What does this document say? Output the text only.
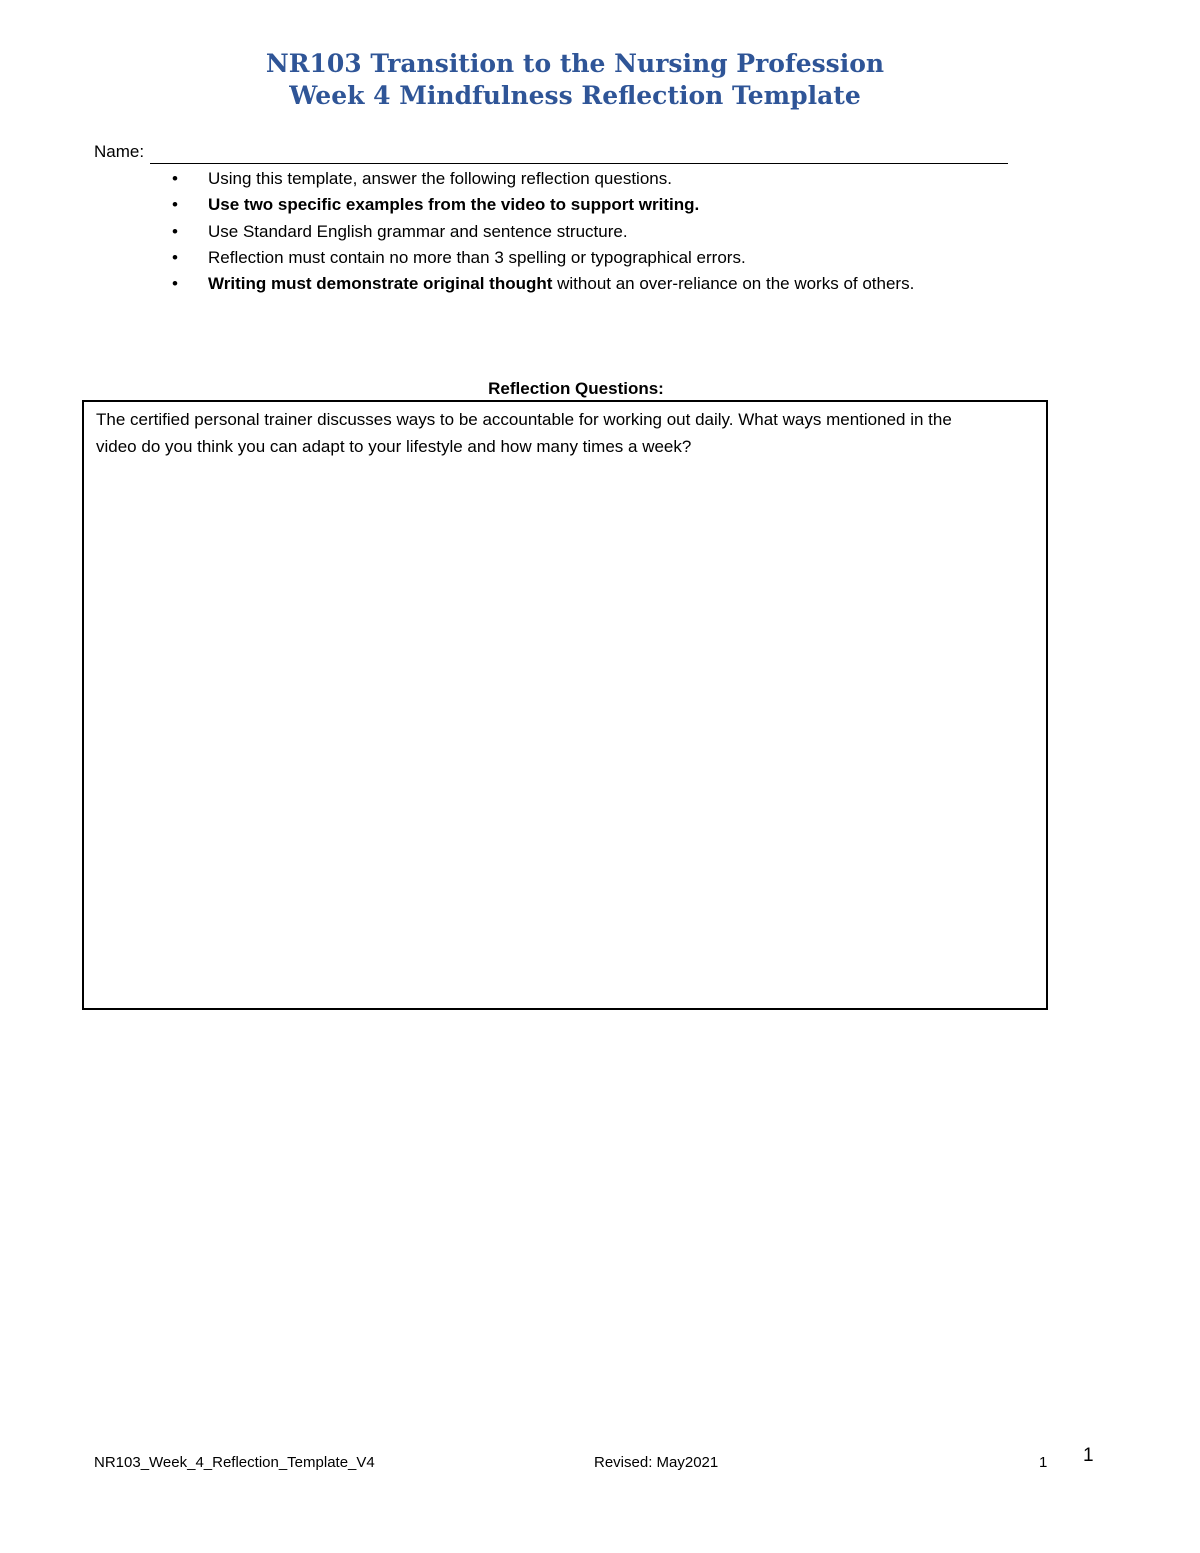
NR103 Transition to the Nursing Profession
Week 4 Mindfulness Reflection Template
Name:
• Using this template, answer the following reflection questions.
• Use two specific examples from the video to support writing.
• Use Standard English grammar and sentence structure.
• Reflection must contain no more than 3 spelling or typographical errors.
• Writing must demonstrate original thought without an over-reliance on the works of others.
Reflection Questions:

The certified personal trainer discusses ways to be accountable for working out daily. What ways mentioned in the video do you think you can adapt to your lifestyle and how many times a week?

NR103_Week_4_Reflection_Template_V4	Revised: May2021	1 1
